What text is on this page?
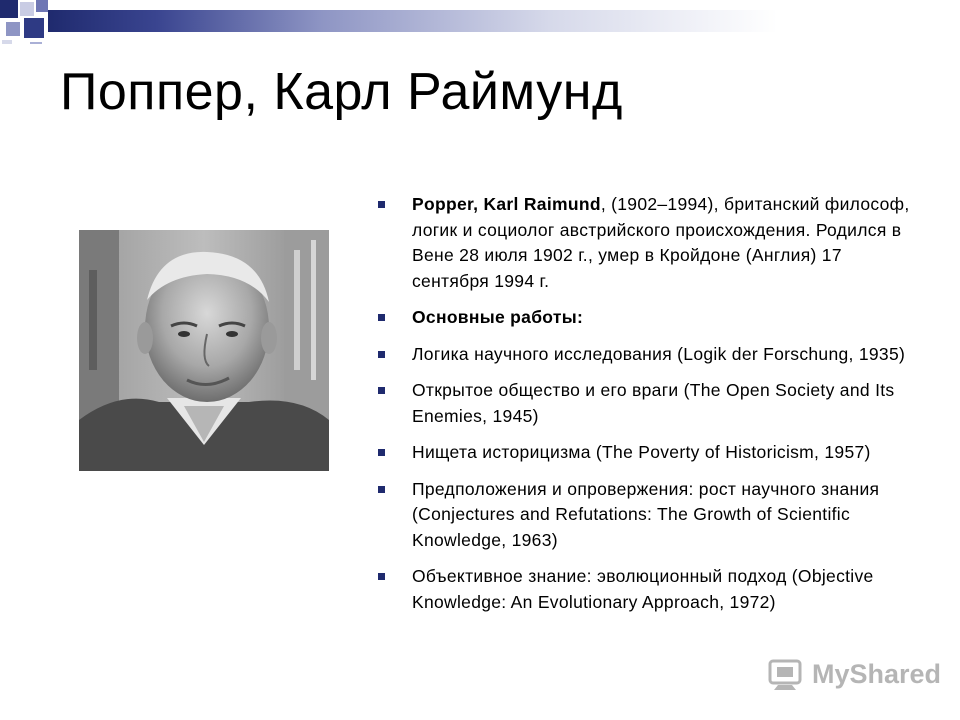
Поппер, Карл Раймунд
Popper, Karl Raimund, (1902–1994), британский философ, логик и социолог австрийского происхождения. Родился в Вене 28 июля 1902 г., умер в Кройдоне (Англия) 17 сентября 1994 г.
Основные работы:
Логика научного исследования (Logik der Forschung, 1935)
Открытое общество и его враги (The Open Society and Its Enemies, 1945)
Нищета историцизма (The Poverty of Historicism, 1957)
Предположения и опровержения: рост научного знания (Conjectures and Refutations: The Growth of Scientific Knowledge, 1963)
Объективное знание: эволюционный подход (Objective Knowledge: An Evolutionary Approach, 1972)
MyShared
